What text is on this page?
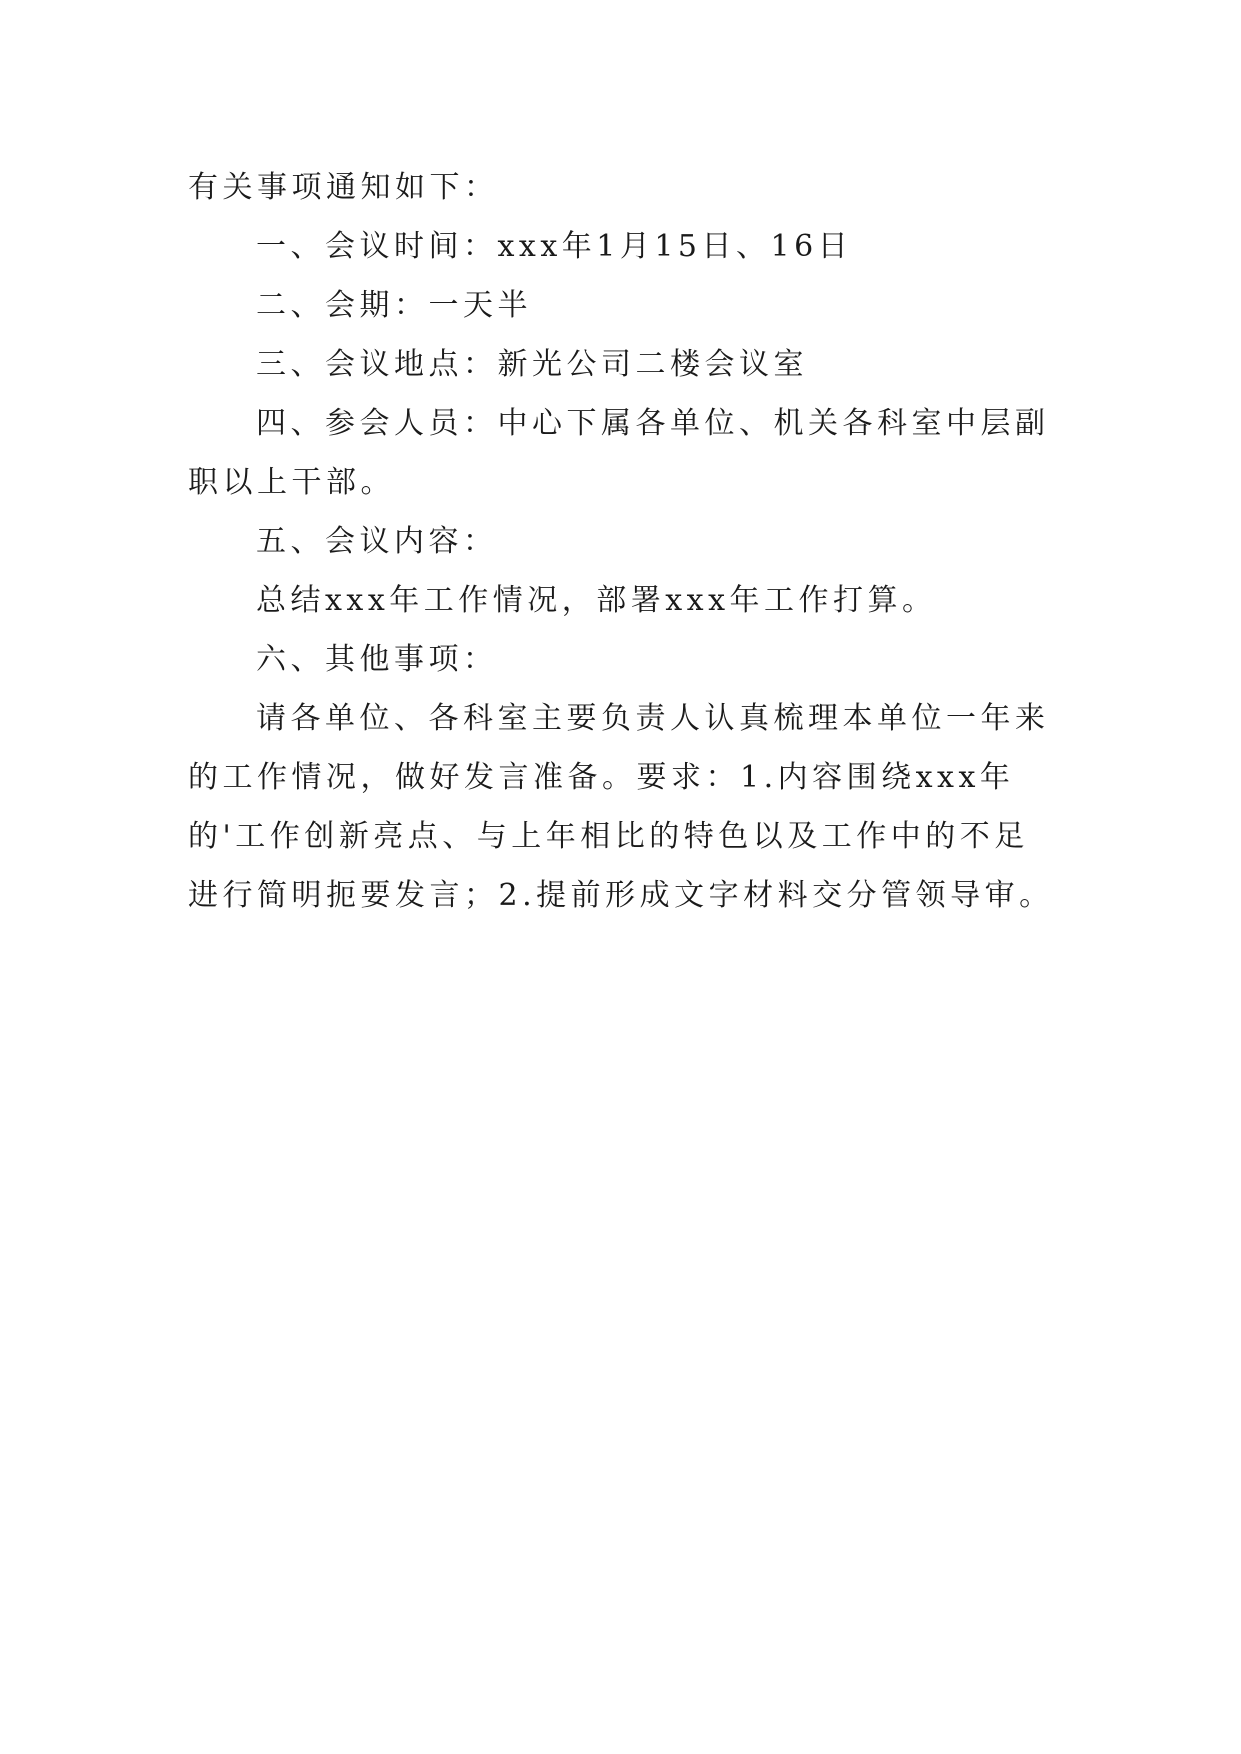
有关事项通知如下：

一、会议时间：xxx年1月15日、16日

二、会期：一天半

三、会议地点：新光公司二楼会议室

四、参会人员：中心下属各单位、机关各科室中层副职以上干部。

五、会议内容：

总结xxx年工作情况，部署xxx年工作打算。

六、其他事项：

请各单位、各科室主要负责人认真梳理本单位一年来的工作情况，做好发言准备。要求：1.内容围绕xxx年的'工作创新亮点、与上年相比的特色以及工作中的不足进行简明扼要发言；2.提前形成文字材料交分管领导审。
